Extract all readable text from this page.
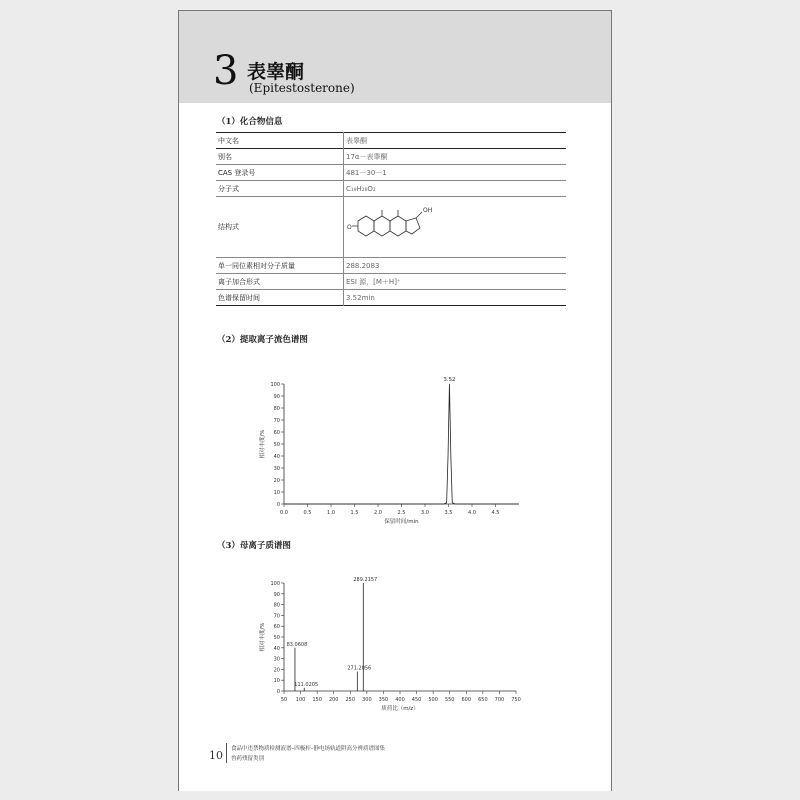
3 表睾酮
(Epitestosterone)
（1）化合物信息
中文名	表睾酮
别名	17α－表睾酮
CAS 登录号	481－30－1
分子式	C₁₉H₂₈O₂
结构式	O
OH

单一同位素相对分子质量	288.2083
离子加合形式	ESI 源，[M＋H]⁺
色谱保留时间	3.52min
（2）提取离子流色谱图
0
10
20
30
40
50
60
70
80
90
100
0.0	0.5	1.0	1.5	2.0	2.5	3.0	3.5	4.0	4.5
保留时间/min
相对丰度/%
3.52
（3）母离子质谱图
0
10
20
30
40
50
60
70
80
90
100
50 100 150 200 250 300 350 400 450 500 550 600 650 700 750
质荷比（m/z）
相对丰度/%	83.0608
111.0205
271.2056
289.2157
10 食品中违禁物质检测液谱–四极杆–静电场轨道阱高分辨质谱图集
兽药残留类别
